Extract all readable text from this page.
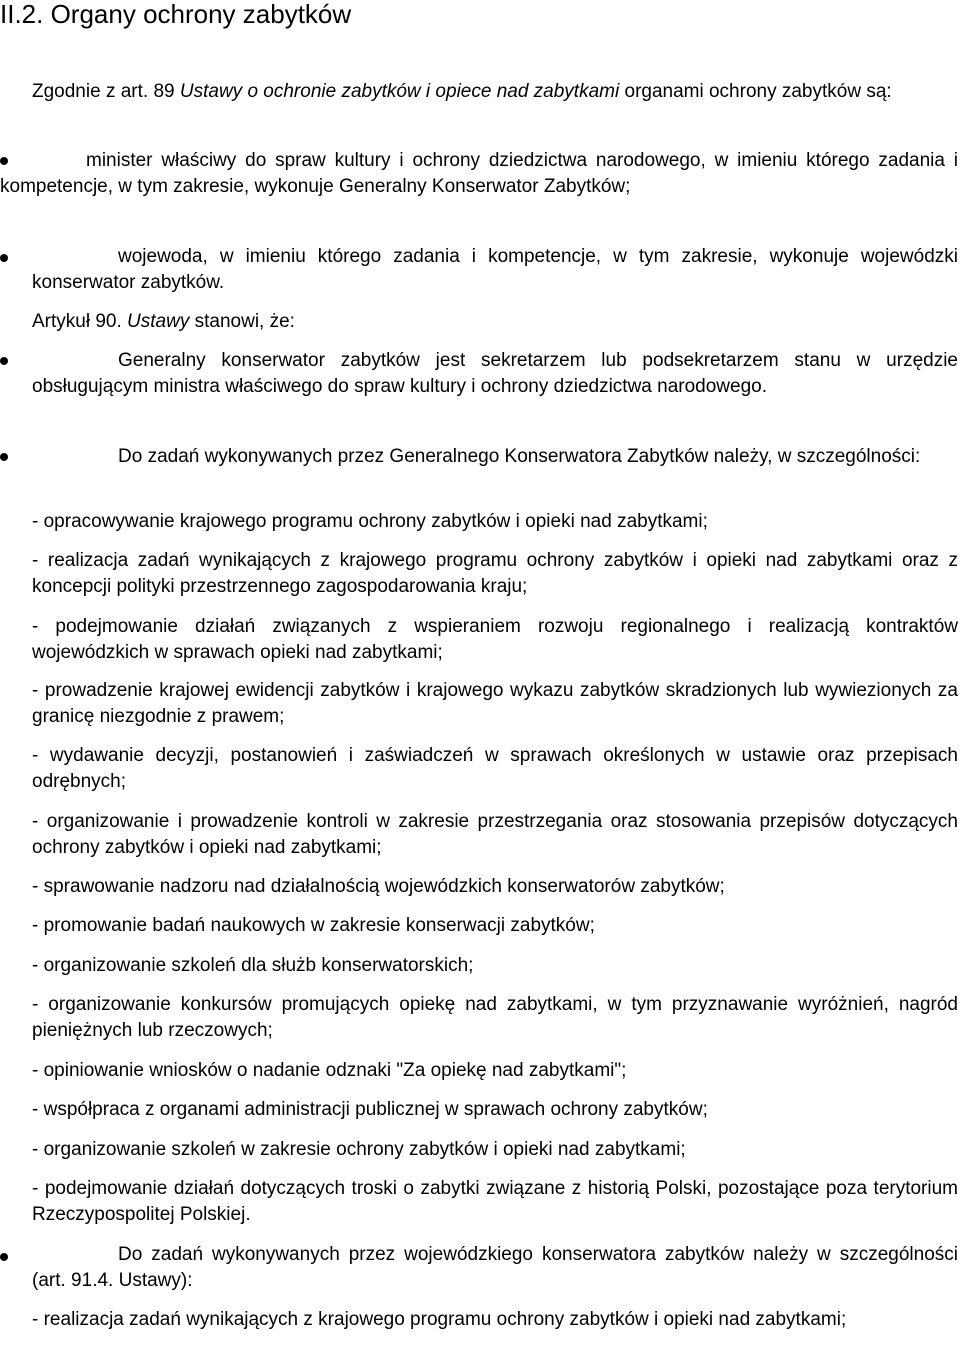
II.2. Organy ochrony zabytków

Zgodnie z art. 89 Ustawy o ochronie zabytków i opiece nad zabytkami organami ochrony zabytków są:

minister właściwy do spraw kultury i ochrony dziedzictwa narodowego, w imieniu którego zadania i kompetencje, w tym zakresie, wykonuje Generalny Konserwator Zabytków;

wojewoda, w imieniu którego zadania i kompetencje, w tym zakresie, wykonuje wojewódzki konserwator zabytków.

Artykuł 90. Ustawy stanowi, że:

Generalny konserwator zabytków jest sekretarzem lub podsekretarzem stanu w urzędzie obsługującym ministra właściwego do spraw kultury i ochrony dziedzictwa narodowego.

Do zadań wykonywanych przez Generalnego Konserwatora Zabytków należy, w szczególności:

- opracowywanie krajowego programu ochrony zabytków i opieki nad zabytkami;

- realizacja zadań wynikających z krajowego programu ochrony zabytków i opieki nad zabytkami oraz z koncepcji polityki przestrzennego zagospodarowania kraju;

- podejmowanie działań związanych z wspieraniem rozwoju regionalnego i realizacją kontraktów wojewódzkich w sprawach opieki nad zabytkami;

- prowadzenie krajowej ewidencji zabytków i krajowego wykazu zabytków skradzionych lub wywiezionych za granicę niezgodnie z prawem;

- wydawanie decyzji, postanowień i zaświadczeń w sprawach określonych w ustawie oraz przepisach odrębnych;

- organizowanie i prowadzenie kontroli w zakresie przestrzegania oraz stosowania przepisów dotyczących ochrony zabytków i opieki nad zabytkami;

- sprawowanie nadzoru nad działalnością wojewódzkich konserwatorów zabytków;

- promowanie badań naukowych w zakresie konserwacji zabytków;

- organizowanie szkoleń dla służb konserwatorskich;

- organizowanie konkursów promujących opiekę nad zabytkami, w tym przyznawanie wyróżnień, nagród pieniężnych lub rzeczowych;

- opiniowanie wniosków o nadanie odznaki "Za opiekę nad zabytkami";

- współpraca z organami administracji publicznej w sprawach ochrony zabytków;

- organizowanie szkoleń w zakresie ochrony zabytków i opieki nad zabytkami;

- podejmowanie działań dotyczących troski o zabytki związane z historią Polski, pozostające poza terytorium Rzeczypospolitej Polskiej.

Do zadań wykonywanych przez wojewódzkiego konserwatora zabytków należy w szczególności (art. 91.4. Ustawy):

- realizacja zadań wynikających z krajowego programu ochrony zabytków i opieki nad zabytkami;
